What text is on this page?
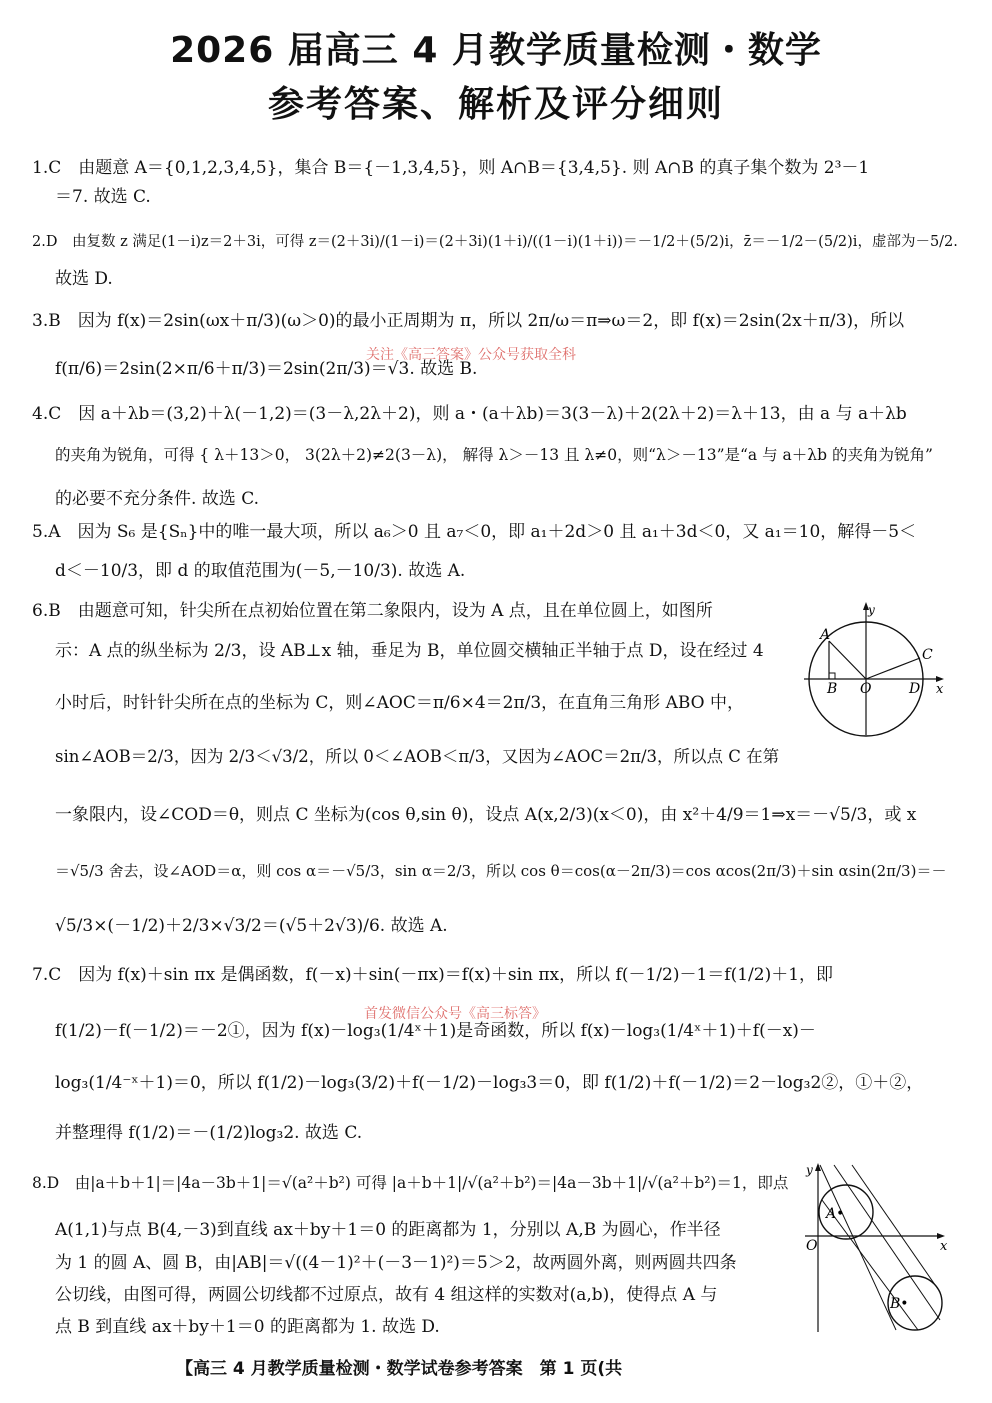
2026 届高三 4 月教学质量检测・数学
参考答案、解析及评分细则
1.C　由题意 A＝{0,1,2,3,4,5}，集合 B＝{－1,3,4,5}，则 A∩B＝{3,4,5}. 则 A∩B 的真子集个数为 2³－1
＝7. 故选 C.
2.D　由复数 z 满足(1－i)z＝2＋3i，可得 z＝(2＋3i)/(1－i)＝(2＋3i)(1＋i)/((1－i)(1＋i))＝－1/2＋(5/2)i，z̄＝－1/2－(5/2)i，虚部为－5/2.
故选 D.
3.B　因为 f(x)＝2sin(ωx＋π/3)(ω＞0)的最小正周期为 π，所以 2π/ω＝π⇒ω＝2，即 f(x)＝2sin(2x＋π/3)，所以
f(π/6)＝2sin(2×π/6＋π/3)＝2sin(2π/3)＝√3. 故选 B.
关注《高三答案》公众号获取全科
4.C　因 a＋λb＝(3,2)＋λ(－1,2)＝(3－λ,2λ＋2)，则 a・(a＋λb)＝3(3－λ)＋2(2λ＋2)＝λ＋13，由 a 与 a＋λb
的夹角为锐角，可得 { λ＋13＞0， 3(2λ＋2)≠2(3－λ)， 解得 λ＞－13 且 λ≠0，则“λ＞－13”是“a 与 a＋λb 的夹角为锐角”
的必要不充分条件. 故选 C.
5.A　因为 S₆ 是{Sₙ}中的唯一最大项，所以 a₆＞0 且 a₇＜0，即 a₁＋2d＞0 且 a₁＋3d＜0，又 a₁＝10，解得－5＜
d＜－10/3，即 d 的取值范围为(－5,－10/3). 故选 A.
6.B　由题意可知，针尖所在点初始位置在第二象限内，设为 A 点，且在单位圆上，如图所
示：A 点的纵坐标为 2/3，设 AB⊥x 轴，垂足为 B，单位圆交横轴正半轴于点 D，设在经过 4
小时后，时针针尖所在点的坐标为 C，则∠AOC＝π/6×4＝2π/3，在直角三角形 ABO 中，
sin∠AOB＝2/3，因为 2/3＜√3/2，所以 0＜∠AOB＜π/3，又因为∠AOC＝2π/3，所以点 C 在第
一象限内，设∠COD＝θ，则点 C 坐标为(cos θ,sin θ)，设点 A(x,2/3)(x＜0)，由 x²＋4/9＝1⇒x＝－√5/3，或 x
＝√5/3 舍去，设∠AOD＝α，则 cos α＝－√5/3，sin α＝2/3，所以 cos θ＝cos(α－2π/3)＝cos αcos(2π/3)＋sin αsin(2π/3)＝－
√5/3×(－1/2)＋2/3×√3/2＝(√5＋2√3)/6. 故选 A.
y
x
A
B O
C
D
7.C　因为 f(x)＋sin πx 是偶函数，f(－x)＋sin(－πx)＝f(x)＋sin πx，所以 f(－1/2)－1＝f(1/2)＋1，即
f(1/2)－f(－1/2)＝－2①，因为 f(x)－log₃(1/4ˣ＋1)是奇函数，所以 f(x)－log₃(1/4ˣ＋1)＋f(－x)－
log₃(1/4⁻ˣ＋1)＝0，所以 f(1/2)－log₃(3/2)＋f(－1/2)－log₃3＝0，即 f(1/2)＋f(－1/2)＝2－log₃2②，①＋②，
并整理得 f(1/2)＝－(1/2)log₃2. 故选 C.
首发微信公众号《高三标答》
8.D　由|a＋b＋1|＝|4a－3b＋1|＝√(a²＋b²) 可得 |a＋b＋1|/√(a²＋b²)＝|4a－3b＋1|/√(a²＋b²)＝1，即点
A(1,1)与点 B(4,－3)到直线 ax＋by＋1＝0 的距离都为 1，分别以 A,B 为圆心，作半径
为 1 的圆 A、圆 B，由|AB|＝√((4－1)²＋(－3－1)²)＝5＞2，故两圆外离，则两圆共四条
公切线，由图可得，两圆公切线都不过原点，故有 4 组这样的实数对(a,b)，使得点 A 与
点 B 到直线 ax＋by＋1＝0 的距离都为 1. 故选 D.
y
x
O
A•
B•
【高三 4 月教学质量检测・数学试卷参考答案　第 1 页(共
